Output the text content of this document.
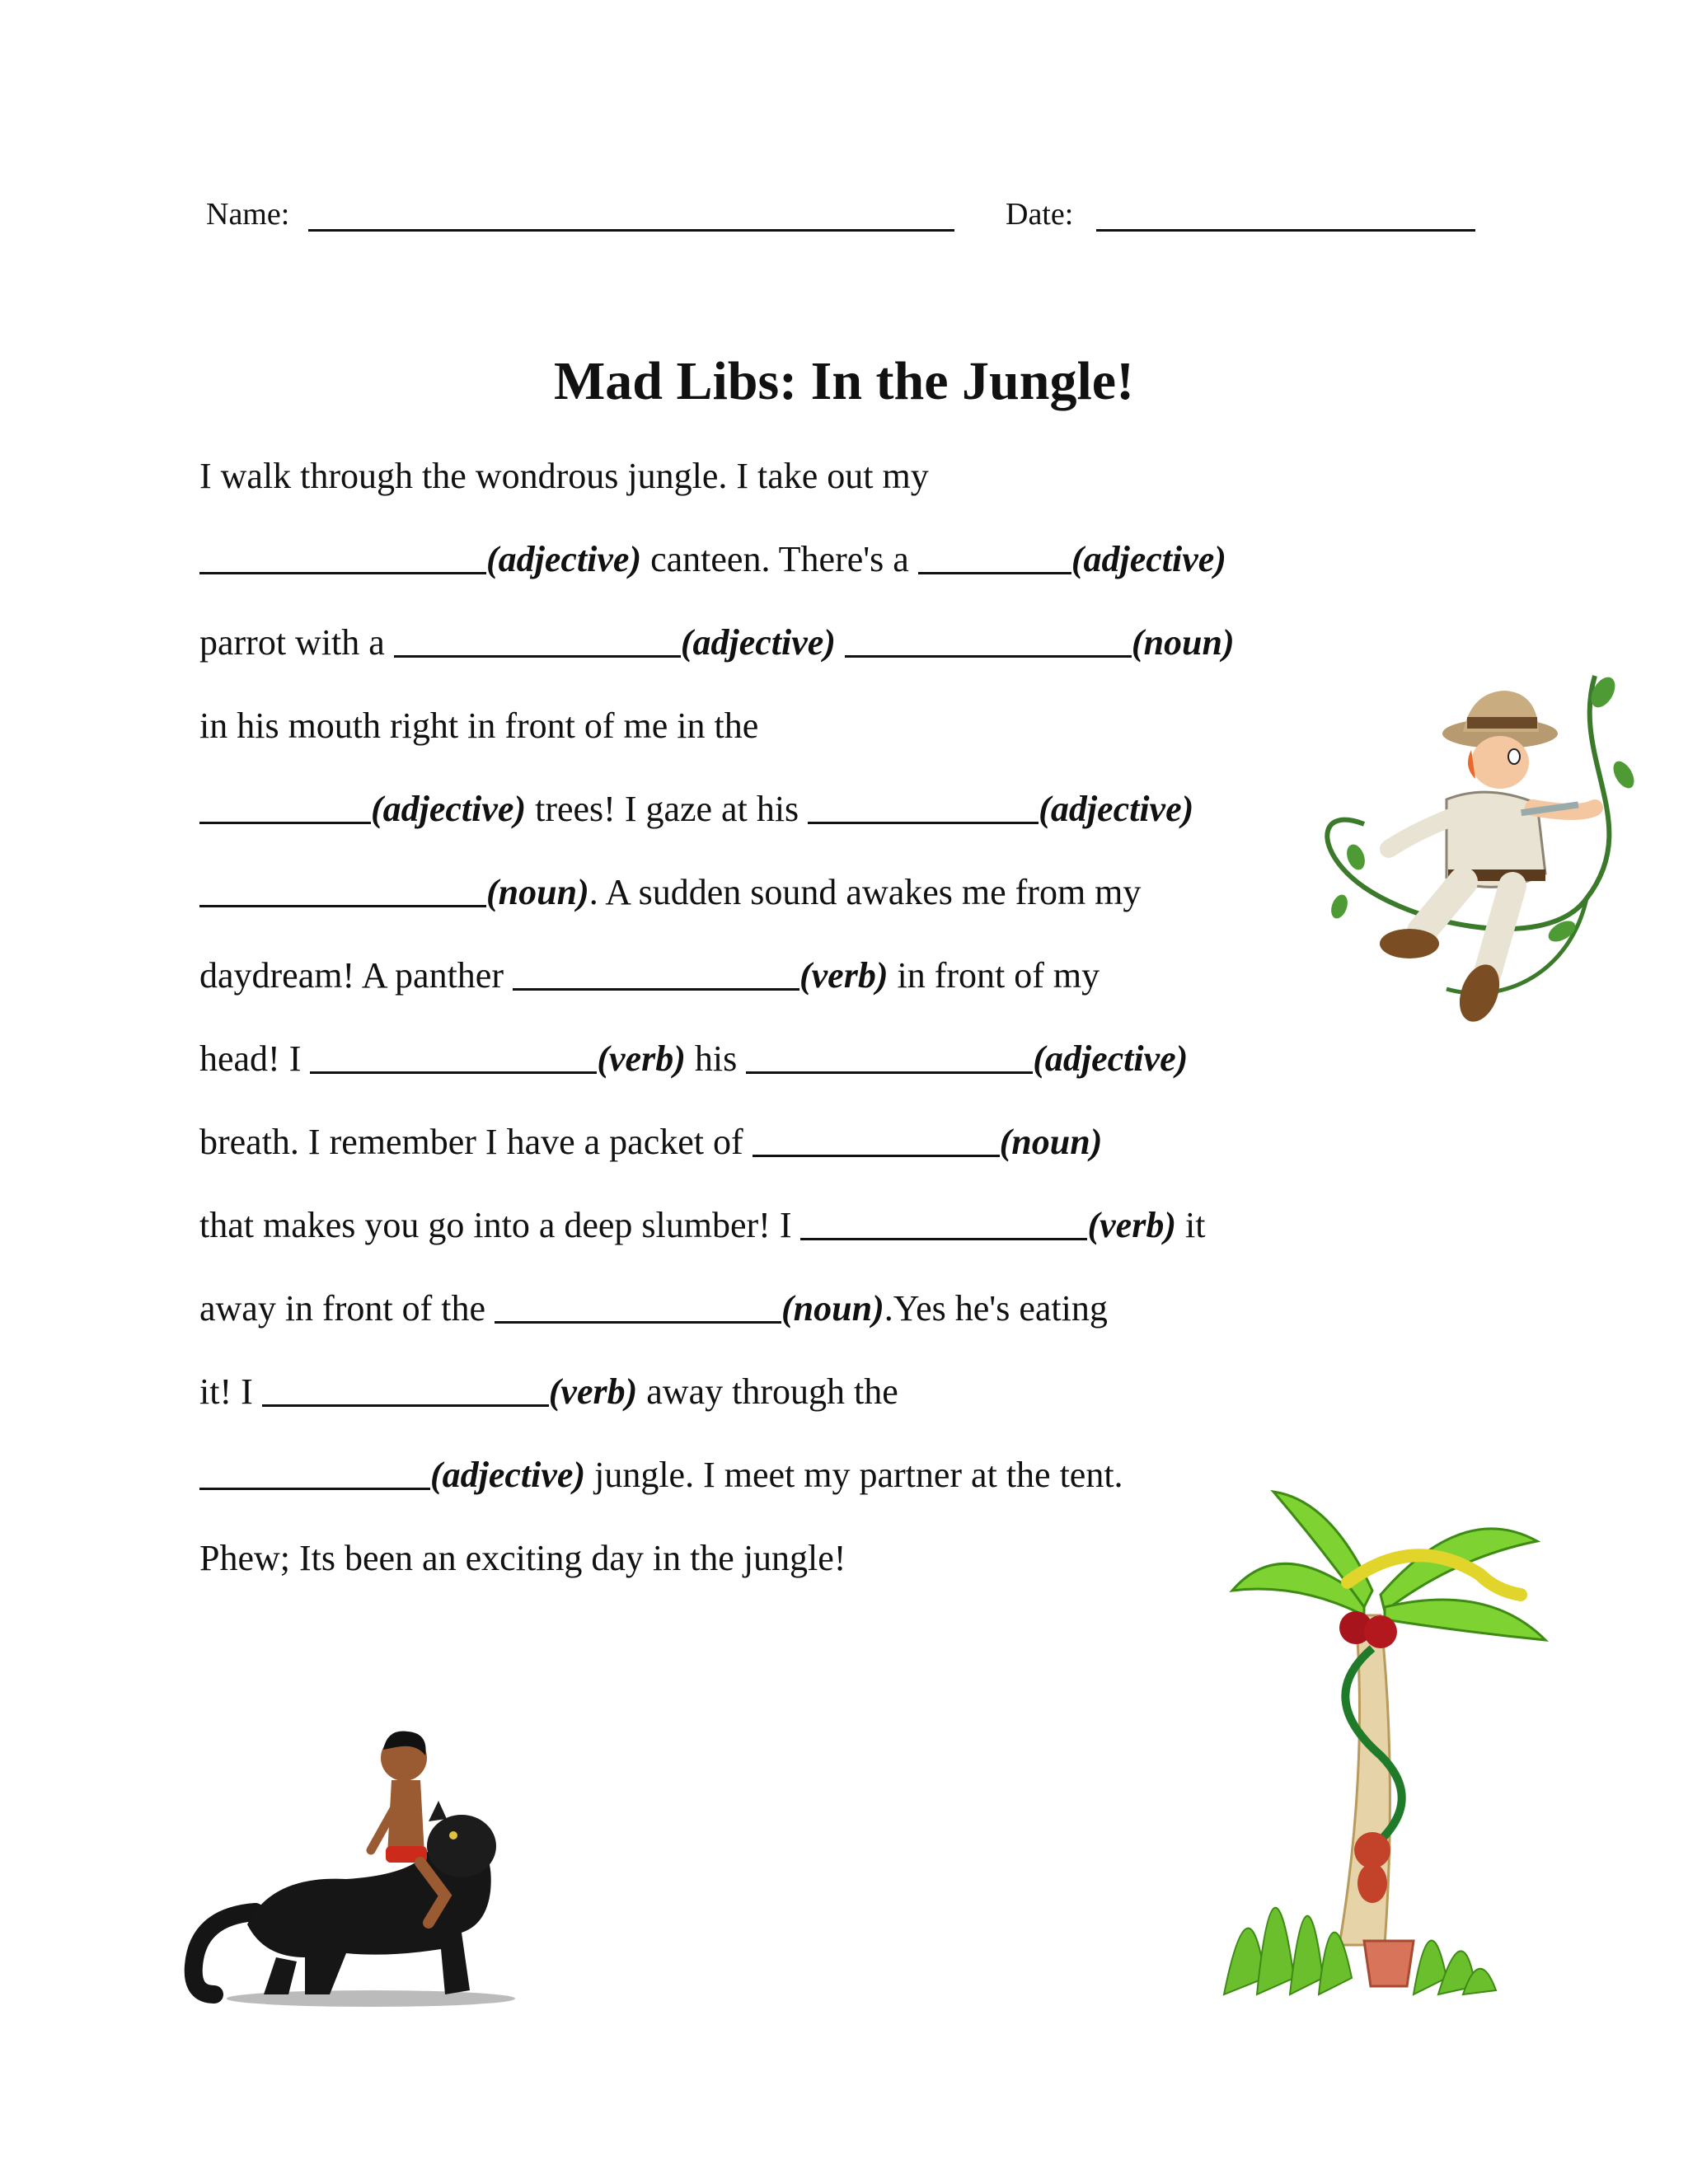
Name:	Date:
Mad Libs: In the Jungle!
I walk through the wondrous jungle. I take out my
(adjective) canteen. There's a	(adjective)
parrot with a	(adjective)	(noun)
in his mouth right in front of me in the
(adjective) trees! I gaze at his	(adjective)
(noun). A sudden sound awakes me from my
daydream! A panther	(verb) in front of my
head! I	(verb) his	(adjective)
breath. I remember I have a packet of	(noun)
that makes you go into a deep slumber! I	(verb) it
away in front of the	(noun).Yes he's eating
it! I	(verb) away through the
(adjective) jungle. I meet my partner at the tent.
Phew; Its been an exciting day in the jungle!
